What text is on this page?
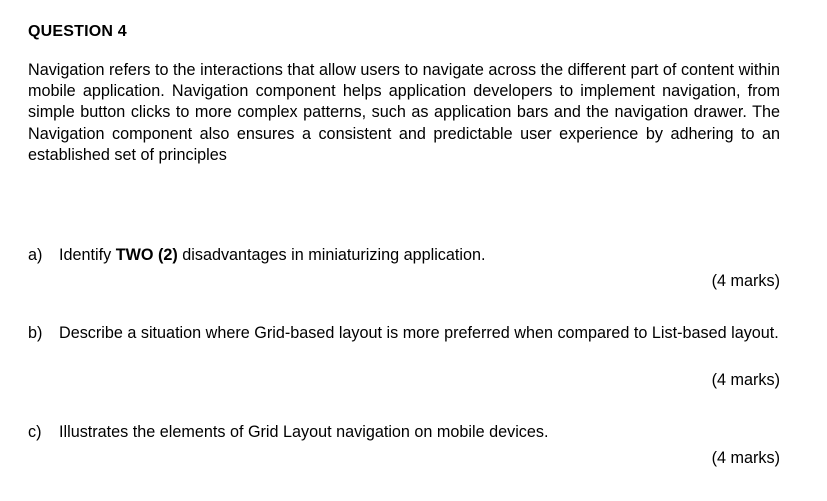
QUESTION 4

Navigation refers to the interactions that allow users to navigate across the different part of content within mobile application. Navigation component helps application developers to implement navigation, from simple button clicks to more complex patterns, such as application bars and the navigation drawer. The Navigation component also ensures a consistent and predictable user experience by adhering to an established set of principles

a)	Identify TWO (2) disadvantages in miniaturizing application.
(4 marks)
b)	Describe a situation where Grid-based layout is more preferred when compared to List-based layout.
(4 marks)
c)	Illustrates the elements of Grid Layout navigation on mobile devices.
(4 marks)
